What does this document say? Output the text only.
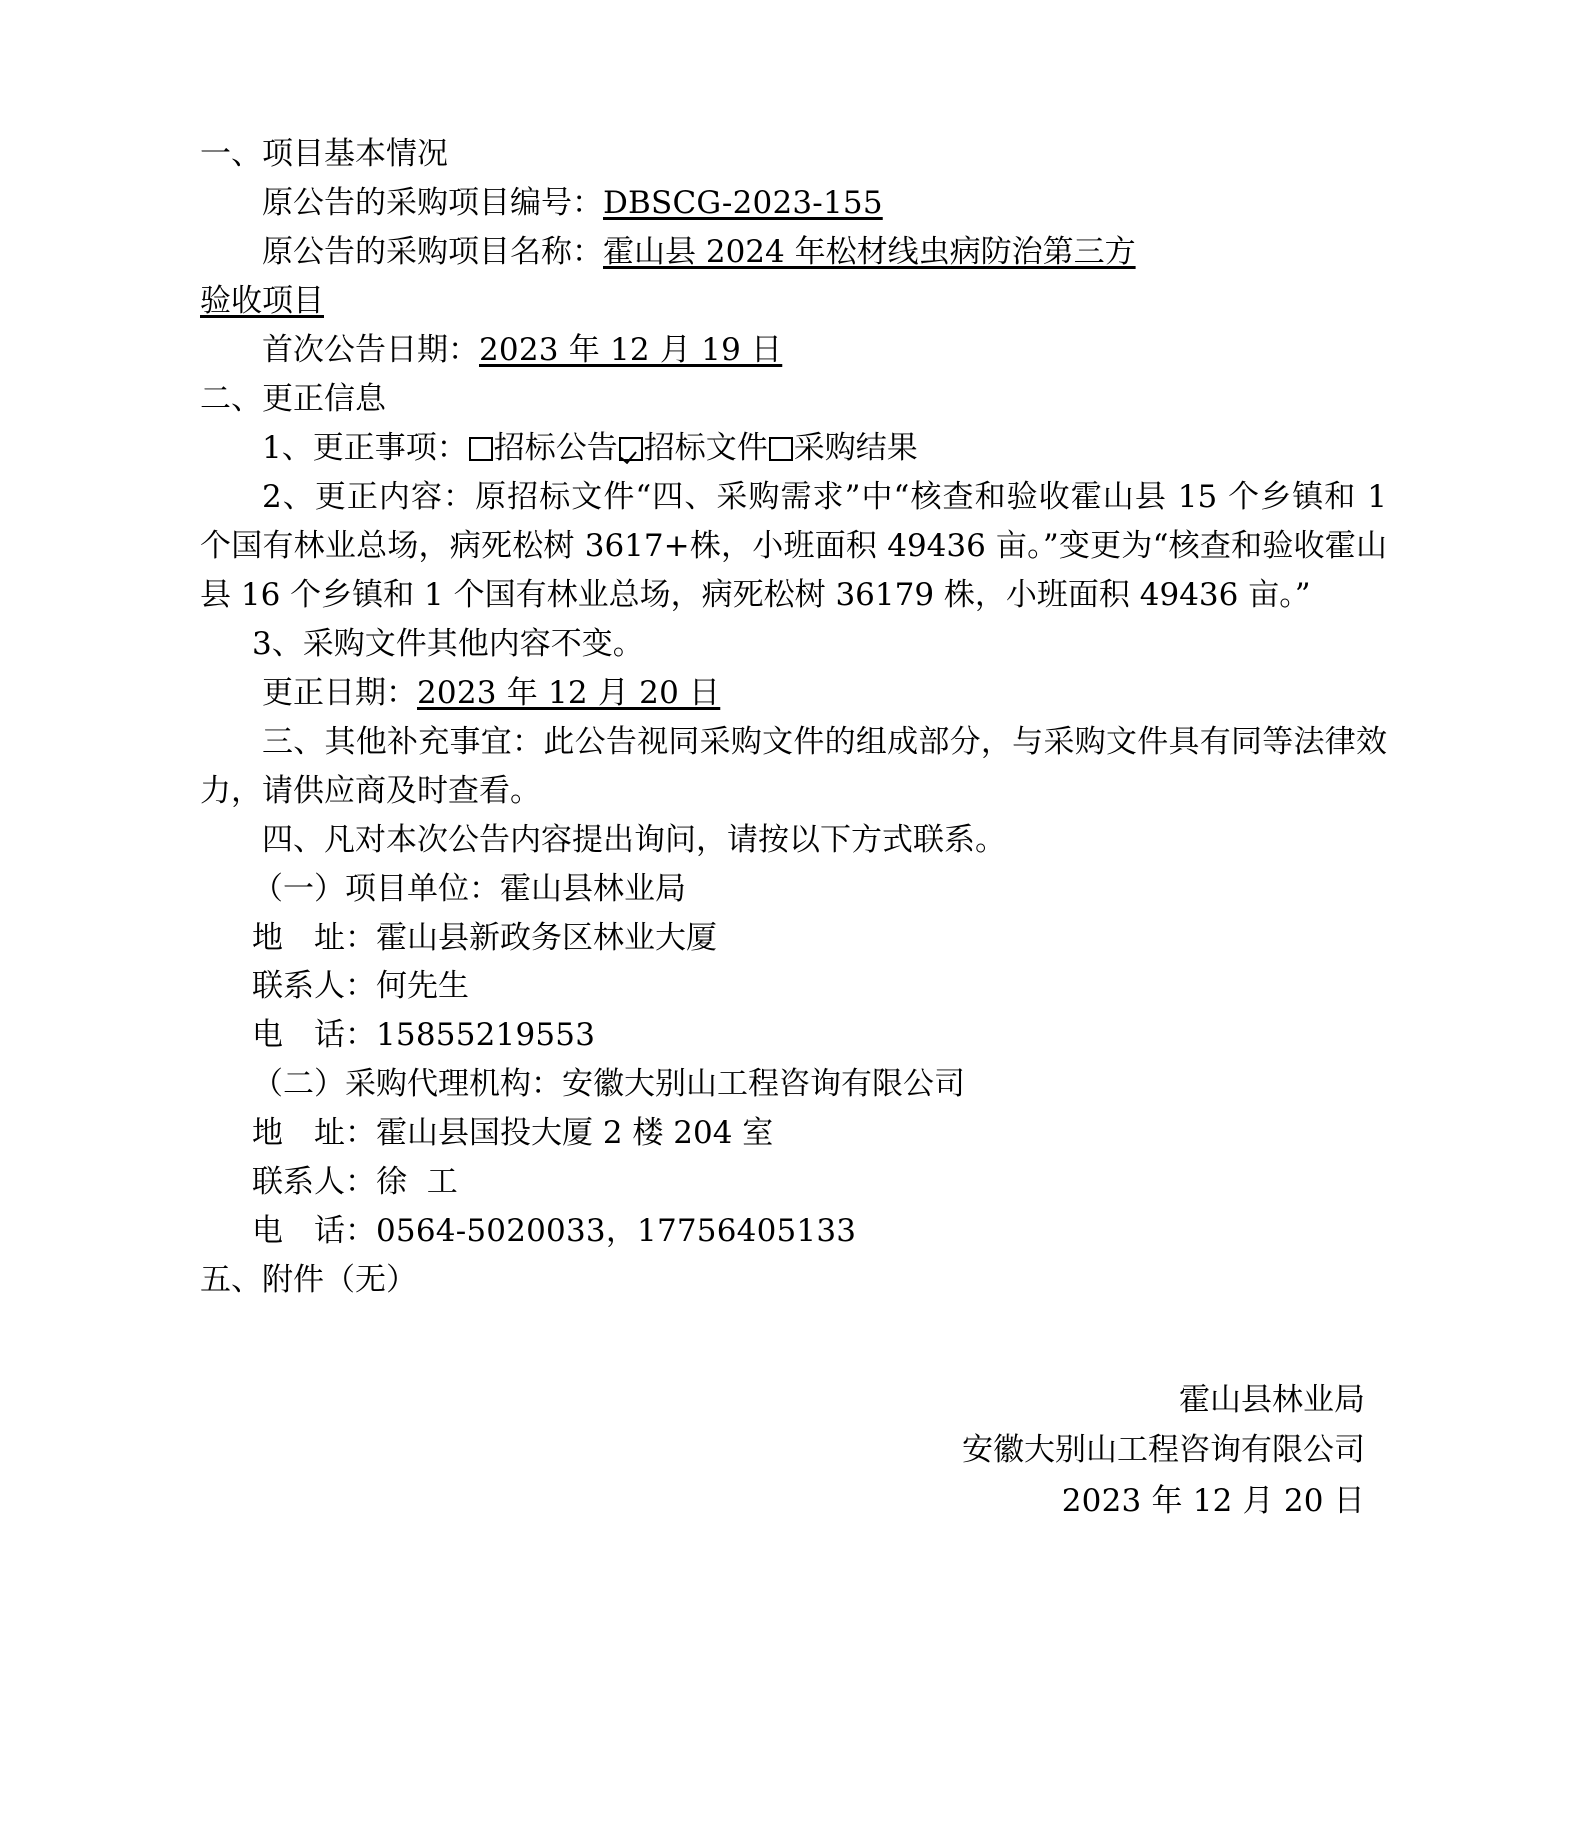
一、项目基本情况
原公告的采购项目编号：DBSCG-2023-155
原公告的采购项目名称：霍山县 2024 年松材线虫病防治第三方
验收项目
首次公告日期：2023 年 12 月 19 日
二、更正信息
1、更正事项： 招标公告 招标文件 采购结果
2、更正内容：原招标文件“四、采购需求”中“核查和验收霍山县 15 个乡镇和 1 个国有林业总场，病死松树 3617+株，小班面积 49436 亩。”变更为“核查和验收霍山县 16 个乡镇和 1 个国有林业总场，病死松树 36179 株，小班面积 49436 亩。”
3、采购文件其他内容不变。
更正日期：2023 年 12 月 20 日
三、其他补充事宜：此公告视同采购文件的组成部分，与采购文件具有同等法律效力，请供应商及时查看。
四、凡对本次公告内容提出询问，请按以下方式联系。
（一）项目单位：霍山县林业局
地　址：霍山县新政务区林业大厦
联系人：何先生
电　话：15855219553
（二）采购代理机构：安徽大别山工程咨询有限公司
地　址：霍山县国投大厦 2 楼 204 室
联系人：徐  工
电　话：0564-5020033，17756405133
五、附件（无）
霍山县林业局
安徽大别山工程咨询有限公司
2023 年 12 月 20 日
